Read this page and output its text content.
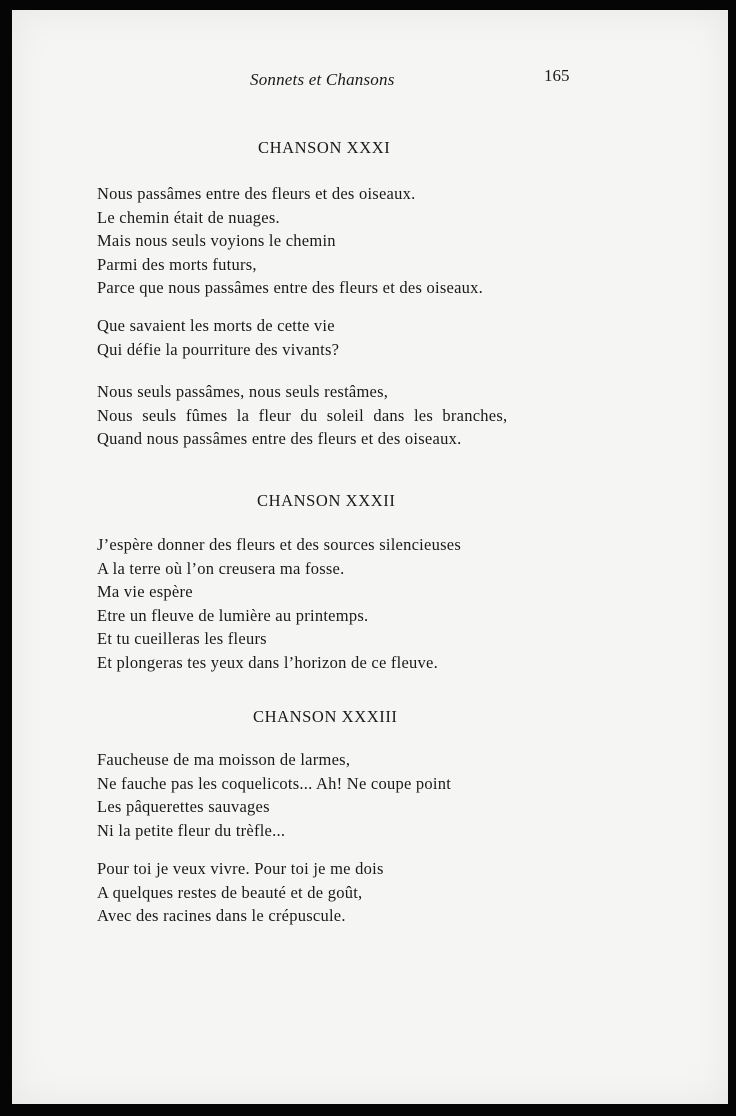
Sonnets et Chansons	165
CHANSON XXXI
Nous passâmes entre des fleurs et des oiseaux.
Le chemin était de nuages.
Mais nous seuls voyions le chemin
Parmi des morts futurs,
Parce que nous passâmes entre des fleurs et des oiseaux.
Que savaient les morts de cette vie
Qui défie la pourriture des vivants?
Nous seuls passâmes, nous seuls restâmes,
Nous seuls fûmes la fleur du soleil dans les branches,
Quand nous passâmes entre des fleurs et des oiseaux.
CHANSON XXXII
J’espère donner des fleurs et des sources silencieuses
A la terre où l’on creusera ma fosse.
Ma vie espère
Etre un fleuve de lumière au printemps.
Et tu cueilleras les fleurs
Et plongeras tes yeux dans l’horizon de ce fleuve.
CHANSON XXXIII
Faucheuse de ma moisson de larmes,
Ne fauche pas les coquelicots... Ah! Ne coupe point
Les pâquerettes sauvages
Ni la petite fleur du trèfle...
Pour toi je veux vivre. Pour toi je me dois
A quelques restes de beauté et de goût,
Avec des racines dans le crépuscule.
